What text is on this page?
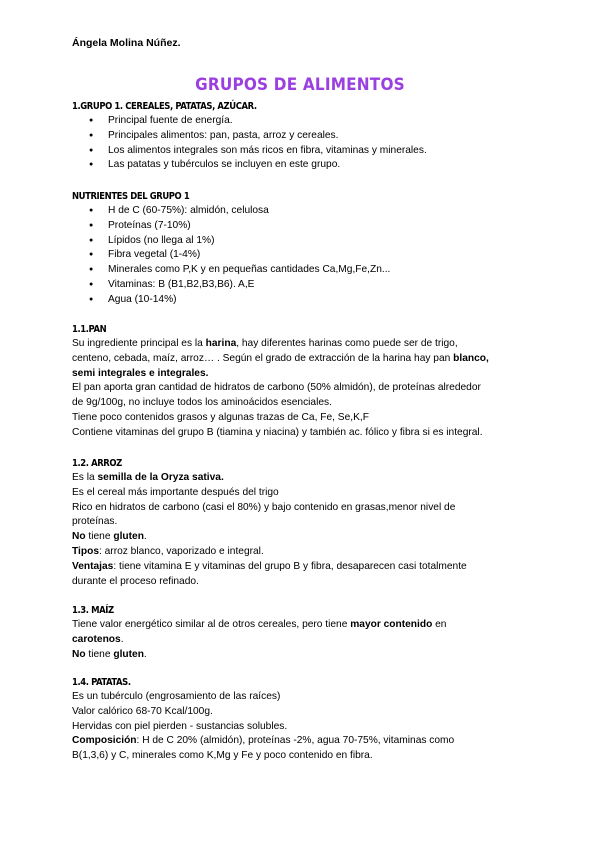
Ángela Molina Núñez.
GRUPOS DE ALIMENTOS
1.GRUPO 1. CEREALES, PATATAS, AZÚCAR.
● Principal fuente de energía.
● Principales alimentos: pan, pasta, arroz y cereales.
● Los alimentos integrales son más ricos en fibra, vitaminas y minerales.
● Las patatas y tubérculos se incluyen en este grupo.
NUTRIENTES DEL GRUPO 1
● H de C (60-75%): almidón, celulosa
● Proteínas (7-10%)
● Lípidos (no llega al 1%)
● Fibra vegetal (1-4%)
● Minerales como P,K y en pequeñas cantidades Ca,Mg,Fe,Zn...
● Vitaminas: B (B1,B2,B3,B6). A,E
● Agua (10-14%)
1.1.PAN

Su ingrediente principal es la harina, hay diferentes harinas como puede ser de trigo,

centeno, cebada, maíz, arroz… . Según el grado de extracción de la harina hay pan blanco,

semi integrales e integrales.

El pan aporta gran cantidad de hidratos de carbono (50% almidón), de proteínas alrededor

de 9g/100g, no incluye todos los aminoácidos esenciales.

Tiene poco contenidos grasos y algunas trazas de Ca, Fe, Se,K,F

Contiene vitaminas del grupo B (tiamina y niacina) y también ac. fólico y fibra si es integral.

1.2. ARROZ

Es la semilla de la Oryza sativa.

Es el cereal más importante después del trigo

Rico en hidratos de carbono (casi el 80%) y bajo contenido en grasas,menor nivel de

proteínas.

No tiene gluten.

Tipos: arroz blanco, vaporizado e integral.

Ventajas: tiene vitamina E y vitaminas del grupo B y fibra, desaparecen casi totalmente

durante el proceso refinado.

1.3. MAÍZ

Tiene valor energético similar al de otros cereales, pero tiene mayor contenido en

carotenos.

No tiene gluten.

1.4. PATATAS.

Es un tubérculo (engrosamiento de las raíces)

Valor calórico 68-70 Kcal/100g.

Hervidas con piel pierden - sustancias solubles.

Composición: H de C 20% (almidón), proteínas -2%, agua 70-75%, vitaminas como

B(1,3,6) y C, minerales como K,Mg y Fe y poco contenido en fibra.
